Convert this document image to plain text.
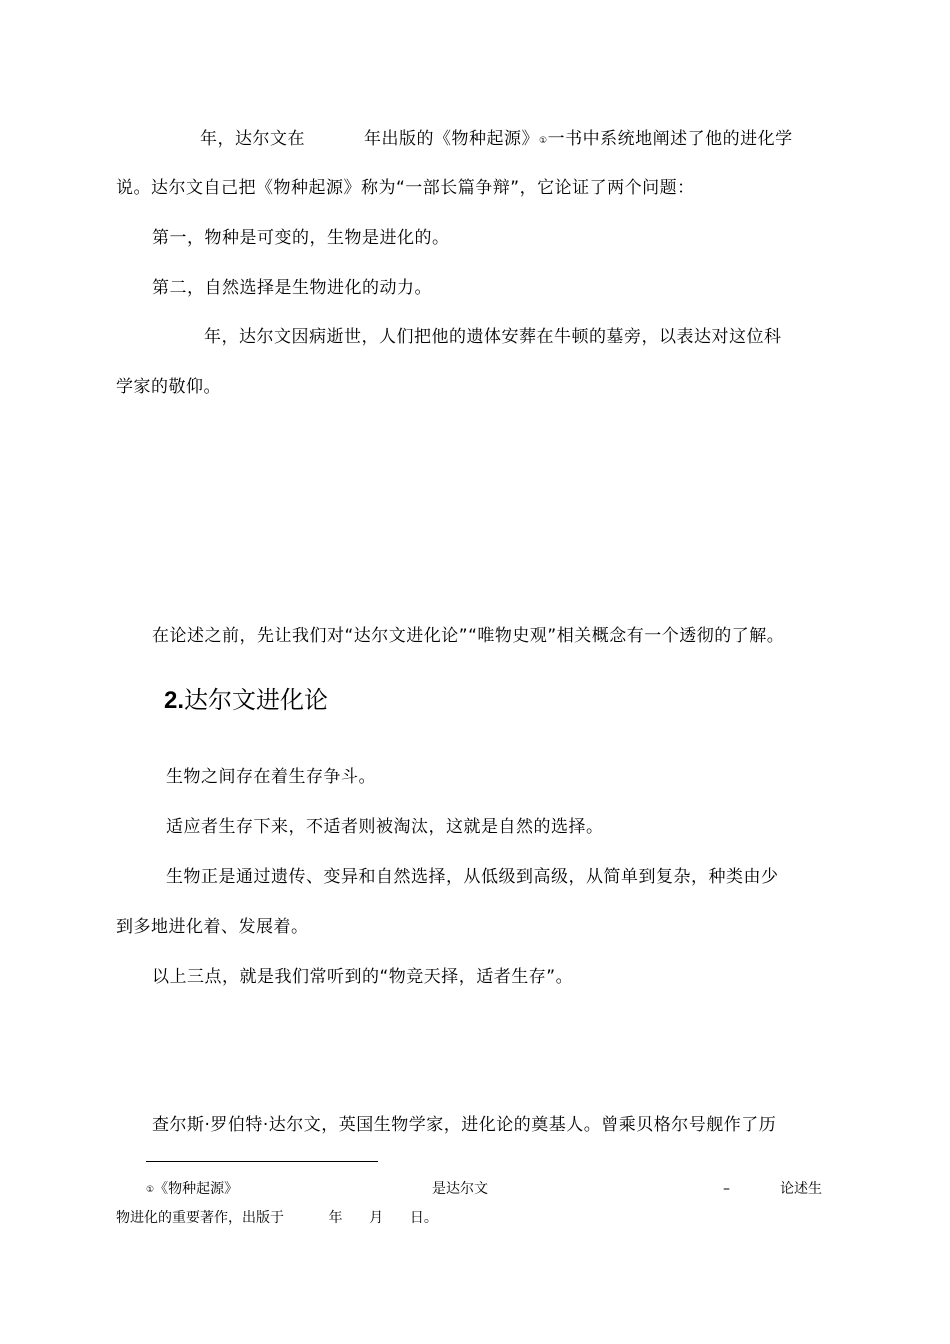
年，达尔文在          年出版的《物种起源》①一书中系统地阐述了他的进化学
说。达尔文自己把《物种起源》称为“一部长篇争辩”，它论证了两个问题：
第一，物种是可变的，生物是进化的。
第二，自然选择是生物进化的动力。
年，达尔文因病逝世，人们把他的遗体安葬在牛顿的墓旁，以表达对这位科
学家的敬仰。
在论述之前，先让我们对“达尔文进化论”“唯物史观”相关概念有一个透彻的了解。
2.达尔文进化论
生物之间存在着生存争斗。
适应者生存下来，不适者则被淘汰，这就是自然的选择。
生物正是通过遗传、变异和自然选择，从低级到高级，从简单到复杂，种类由少
到多地进化着、发展着。
以上三点，就是我们常听到的“物竞天择，适者生存”。
查尔斯·罗伯特·达尔文，英国生物学家，进化论的奠基人。曾乘贝格尔号舰作了历
①《物种起源》	是达尔文	–	论述生
物进化的重要著作，出版于          年      月      日。
